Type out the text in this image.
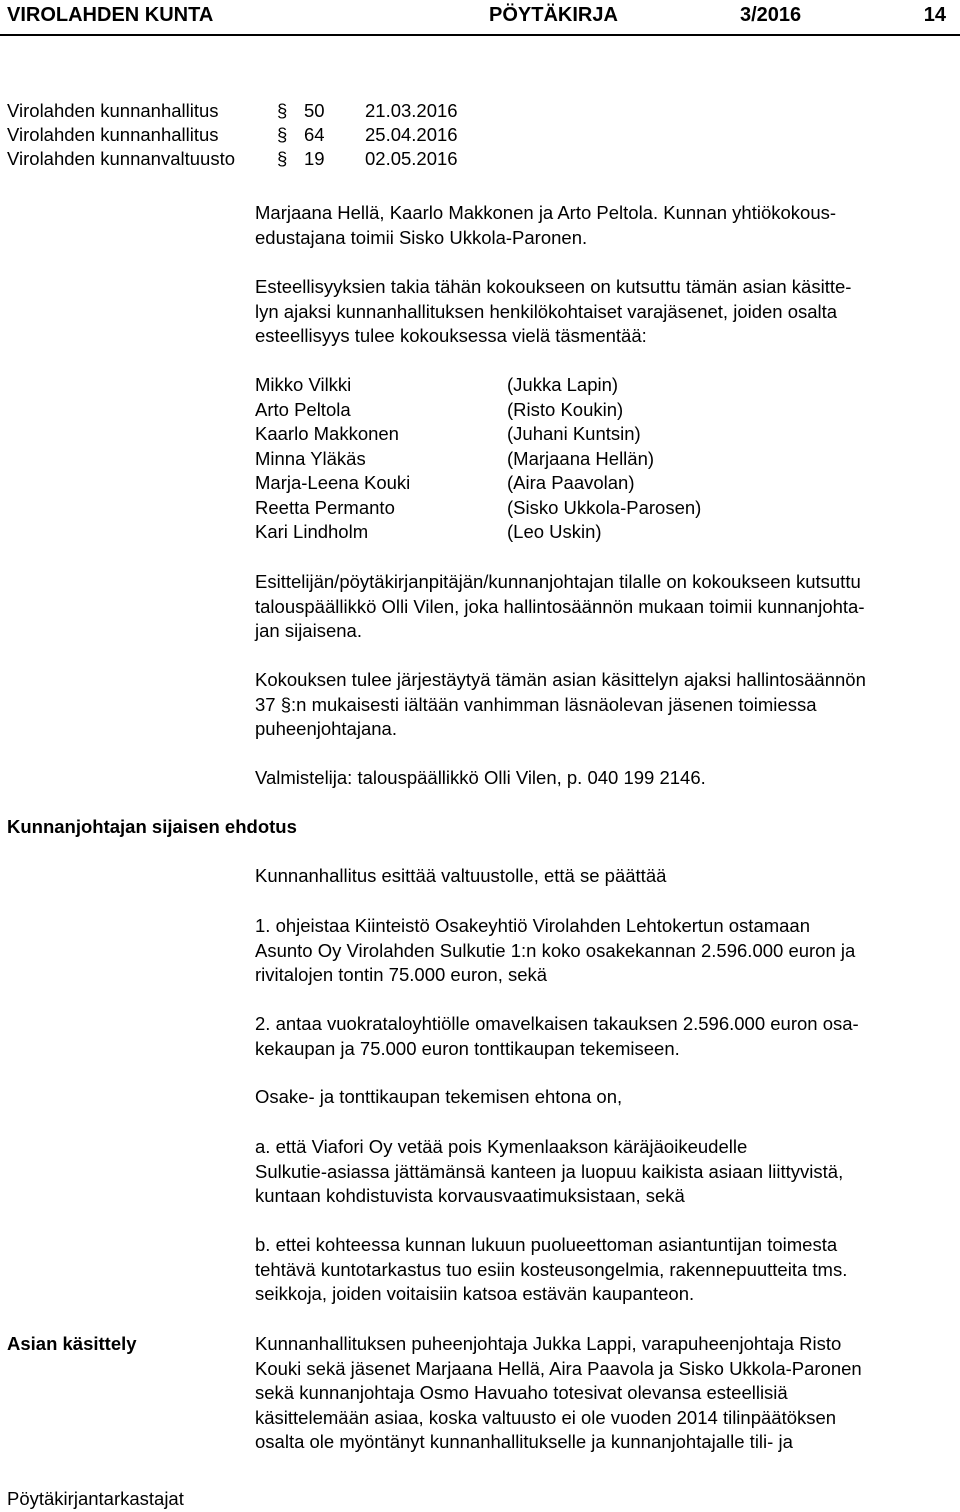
VIROLAHDEN KUNTA	PÖYTÄKIRJA	3/2016	14
Virolahden kunnanhallitus	§ 50 21.03.2016
Virolahden kunnanhallitus	§ 64 25.04.2016
Virolahden kunnanvaltuusto § 19 02.05.2016

Marjaana Hellä, Kaarlo Makkonen ja Arto Peltola. Kunnan yhtiökokous-

edustajana toimii Sisko Ukkola-Paronen.

Esteellisyyksien takia tähän kokoukseen on kutsuttu tämän asian käsitte-

lyn ajaksi kunnanhallituksen henkilökohtaiset varajäsenet, joiden osalta

esteellisyys tulee kokouksessa vielä täsmentää:

Mikko Vilkki	(Jukka Lapin)
Arto Peltola	(Risto Koukin)
Kaarlo Makkonen	(Juhani Kuntsin)
Minna Yläkäs	(Marjaana Hellän)
Marja-Leena Kouki	(Aira Paavolan)
Reetta Permanto	(Sisko Ukkola-Parosen)
Kari Lindholm	(Leo Uskin)

Esittelijän/pöytäkirjanpitäjän/kunnanjohtajan tilalle on kokoukseen kutsuttu

talouspäällikkö Olli Vilen, joka hallintosäännön mukaan toimii kunnanjohta-

jan sijaisena.

Kokouksen tulee järjestäytyä tämän asian käsittelyn ajaksi hallintosäännön

37 §:n mukaisesti iältään vanhimman läsnäolevan jäsenen toimiessa

puheenjohtajana.

Valmistelija: talouspäällikkö Olli Vilen, p. 040 199 2146.
Kunnanjohtajan sijaisen ehdotus
Kunnanhallitus esittää valtuustolle, että se päättää

1. ohjeistaa Kiinteistö Osakeyhtiö Virolahden Lehtokertun ostamaan

Asunto Oy Virolahden Sulkutie 1:n koko osakekannan 2.596.000 euron ja

rivitalojen tontin 75.000 euron, sekä

2. antaa vuokrataloyhtiölle omavelkaisen takauksen 2.596.000 euron osa-

kekaupan ja 75.000 euron tonttikaupan tekemiseen.

Osake- ja tonttikaupan tekemisen ehtona on,

a. että Viafori Oy vetää pois Kymenlaakson käräjäoikeudelle

Sulkutie-asiassa jättämänsä kanteen ja luopuu kaikista asiaan liittyvistä,

kuntaan kohdistuvista korvausvaatimuksistaan, sekä

b. ettei kohteessa kunnan lukuun puolueettoman asiantuntijan toimesta

tehtävä kuntotarkastus tuo esiin kosteusongelmia, rakennepuutteita tms.

seikkoja, joiden voitaisiin katsoa estävän kaupanteon.

Asian käsittely	Kunnanhallituksen puheenjohtaja Jukka Lappi, varapuheenjohtaja Risto

Kouki sekä jäsenet Marjaana Hellä, Aira Paavola ja Sisko Ukkola-Paronen

sekä kunnanjohtaja Osmo Havuaho totesivat olevansa esteellisiä

käsittelemään asiaa, koska valtuusto ei ole vuoden 2014 tilinpäätöksen

osalta ole myöntänyt kunnanhallitukselle ja kunnanjohtajalle tili- ja

Pöytäkirjantarkastajat
